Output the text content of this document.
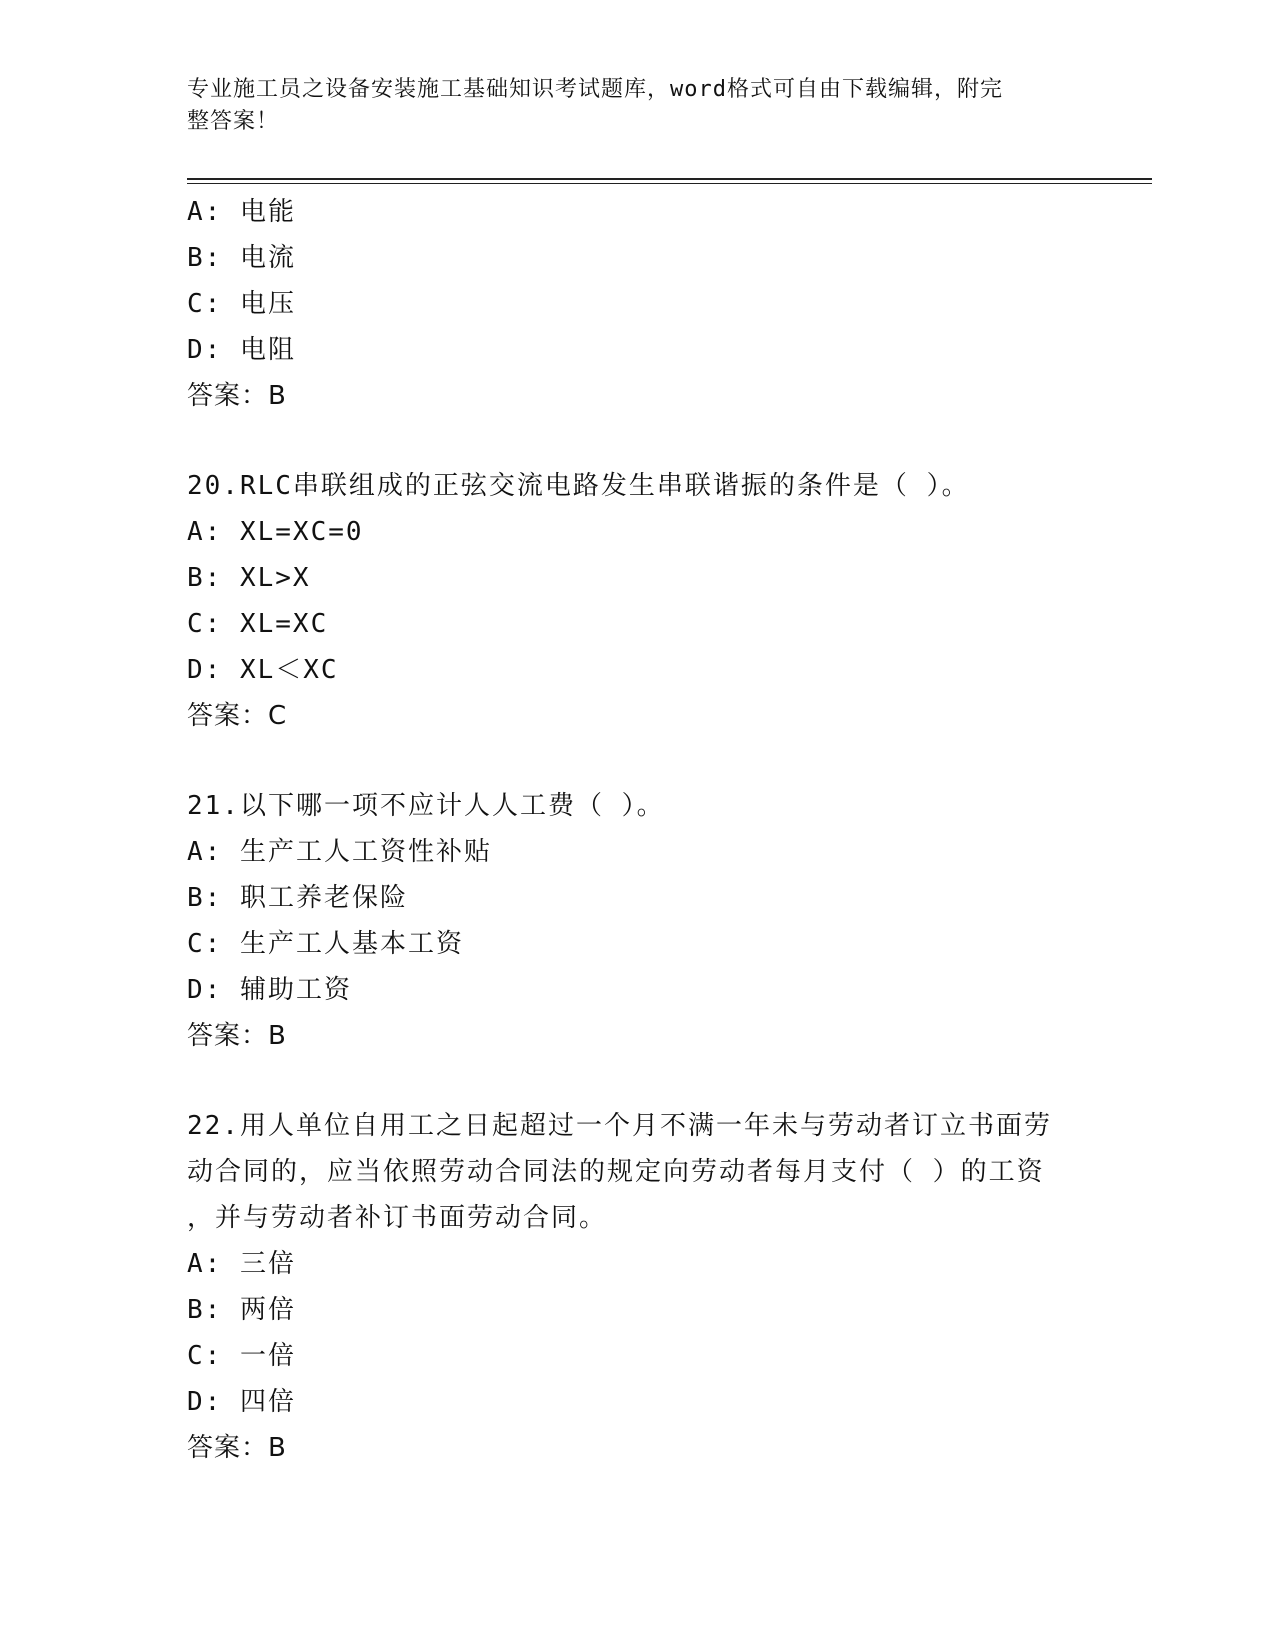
专业施工员之设备安装施工基础知识考试题库，word格式可自由下载编辑，附完
整答案！
A: 电能
B: 电流
C: 电压
D: 电阻
答案：B
20.RLC串联组成的正弦交流电路发生串联谐振的条件是（ ）。
A: XL=XC=0
B: XL>X
C: XL=XC
D: XL＜XC
答案：C
21.以下哪一项不应计人人工费（ ）。
A: 生产工人工资性补贴
B: 职工养老保险
C: 生产工人基本工资
D: 辅助工资
答案：B
22.用人单位自用工之日起超过一个月不满一年未与劳动者订立书面劳
动合同的，应当依照劳动合同法的规定向劳动者每月支付（ ）的工资
，并与劳动者补订书面劳动合同。
A: 三倍
B: 两倍
C: 一倍
D: 四倍
答案：B
